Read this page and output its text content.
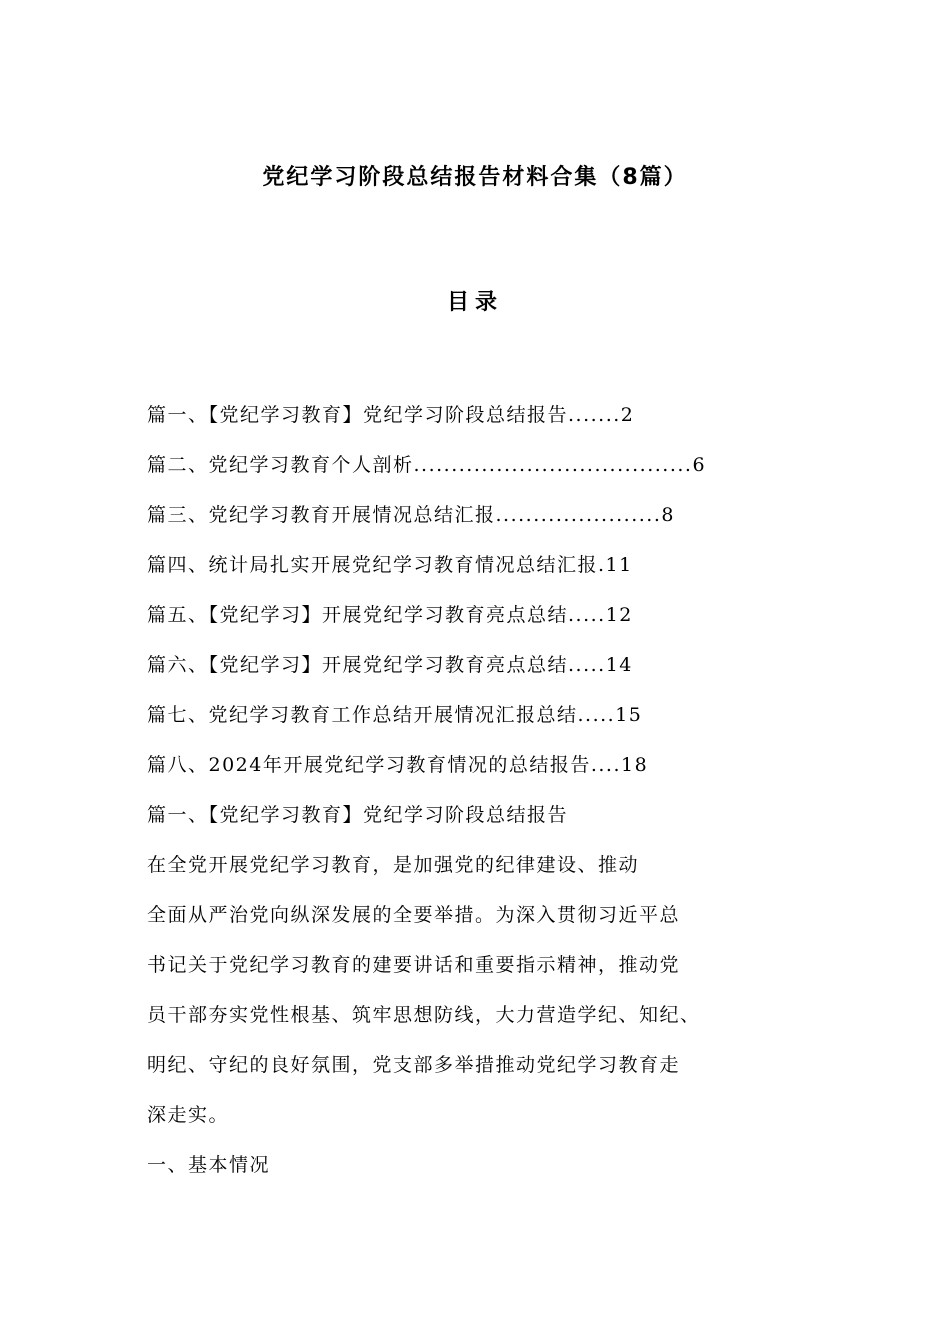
党纪学习阶段总结报告材料合集（8篇）
目录
篇一、【党纪学习教育】党纪学习阶段总结报告.......2
篇二、党纪学习教育个人剖析.....................................6
篇三、党纪学习教育开展情况总结汇报......................8
篇四、统计局扎实开展党纪学习教育情况总结汇报.11
篇五、【党纪学习】开展党纪学习教育亮点总结.....12
篇六、【党纪学习】开展党纪学习教育亮点总结.....14
篇七、党纪学习教育工作总结开展情况汇报总结.....15
篇八、2024年开展党纪学习教育情况的总结报告....18
篇一、【党纪学习教育】党纪学习阶段总结报告
在全党开展党纪学习教育，是加强党的纪律建设、推动
全面从严治党向纵深发展的全要举措。为深入贯彻习近平总
书记关于党纪学习教育的建要讲话和重要指示精神，推动党
员干部夯实党性根基、筑牢思想防线，大力营造学纪、知纪、
明纪、守纪的良好氛围，党支部多举措推动党纪学习教育走
深走实。
一、基本情况
